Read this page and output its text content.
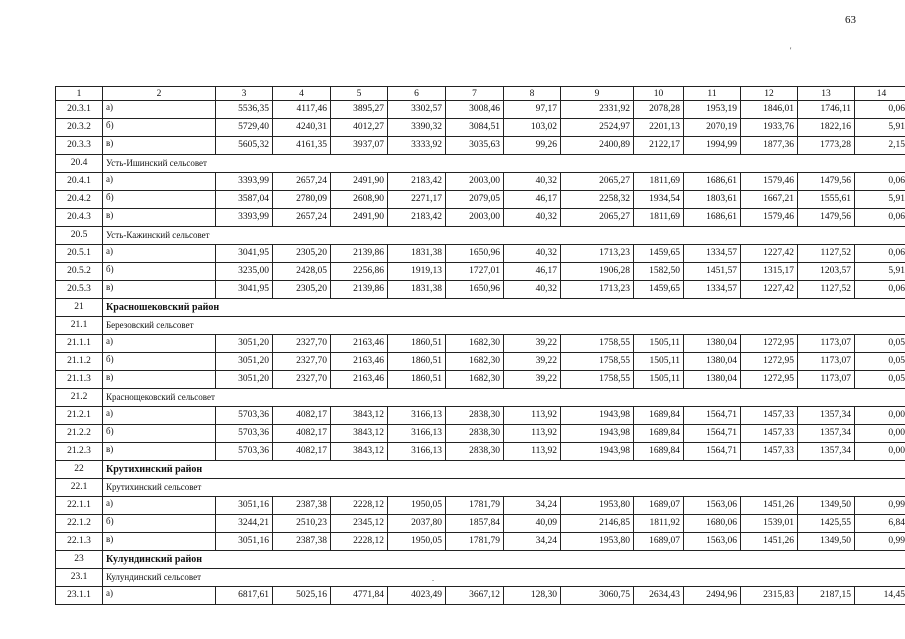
63
'
.
1	2	3	4	5	6	7	8	9	10	11	12	13	14
20.3.1	а)	5536,35	4117,46	3895,27	3302,57	3008,46	97,17	2331,92	2078,28	1953,19	1846,01	1746,11	0,06
20.3.2	б)	5729,40	4240,31	4012,27	3390,32	3084,51	103,02	2524,97	2201,13	2070,19	1933,76	1822,16	5,91
20.3.3	в)	5605,32	4161,35	3937,07	3333,92	3035,63	99,26	2400,89	2122,17	1994,99	1877,36	1773,28	2,15
20.4	Усть-Ишинский сельсовет												
20.4.1	а)	3393,99	2657,24	2491,90	2183,42	2003,00	40,32	2065,27	1811,69	1686,61	1579,46	1479,56	0,06
20.4.2	б)	3587,04	2780,09	2608,90	2271,17	2079,05	46,17	2258,32	1934,54	1803,61	1667,21	1555,61	5,91
20.4.3	в)	3393,99	2657,24	2491,90	2183,42	2003,00	40,32	2065,27	1811,69	1686,61	1579,46	1479,56	0,06
20.5	Усть-Кажинский сельсовет												
20.5.1	а)	3041,95	2305,20	2139,86	1831,38	1650,96	40,32	1713,23	1459,65	1334,57	1227,42	1127,52	0,06
20.5.2	б)	3235,00	2428,05	2256,86	1919,13	1727,01	46,17	1906,28	1582,50	1451,57	1315,17	1203,57	5,91
20.5.3	в)	3041,95	2305,20	2139,86	1831,38	1650,96	40,32	1713,23	1459,65	1334,57	1227,42	1127,52	0,06
21	Красношековский район												
21.1	Березовский сельсовет												
21.1.1	а)	3051,20	2327,70	2163,46	1860,51	1682,30	39,22	1758,55	1505,11	1380,04	1272,95	1173,07	0,05
21.1.2	б)	3051,20	2327,70	2163,46	1860,51	1682,30	39,22	1758,55	1505,11	1380,04	1272,95	1173,07	0,05
21.1.3	в)	3051,20	2327,70	2163,46	1860,51	1682,30	39,22	1758,55	1505,11	1380,04	1272,95	1173,07	0,05
21.2	Краснощековский сельсовет												
21.2.1	а)	5703,36	4082,17	3843,12	3166,13	2838,30	113,92	1943,98	1689,84	1564,71	1457,33	1357,34	0,00
21.2.2	б)	5703,36	4082,17	3843,12	3166,13	2838,30	113,92	1943,98	1689,84	1564,71	1457,33	1357,34	0,00
21.2.3	в)	5703,36	4082,17	3843,12	3166,13	2838,30	113,92	1943,98	1689,84	1564,71	1457,33	1357,34	0,00
22	Крутихинский район												
22.1	Крутихинский сельсовет												
22.1.1	а)	3051,16	2387,38	2228,12	1950,05	1781,79	34,24	1953,80	1689,07	1563,06	1451,26	1349,50	0,99
22.1.2	б)	3244,21	2510,23	2345,12	2037,80	1857,84	40,09	2146,85	1811,92	1680,06	1539,01	1425,55	6,84
22.1.3	в)	3051,16	2387,38	2228,12	1950,05	1781,79	34,24	1953,80	1689,07	1563,06	1451,26	1349,50	0,99
23	Кулундинский район												
23.1	Кулундинский сельсовет												
23.1.1	а)	6817,61	5025,16	4771,84	4023,49	3667,12	128,30	3060,75	2634,43	2494,96	2315,83	2187,15	14,45
